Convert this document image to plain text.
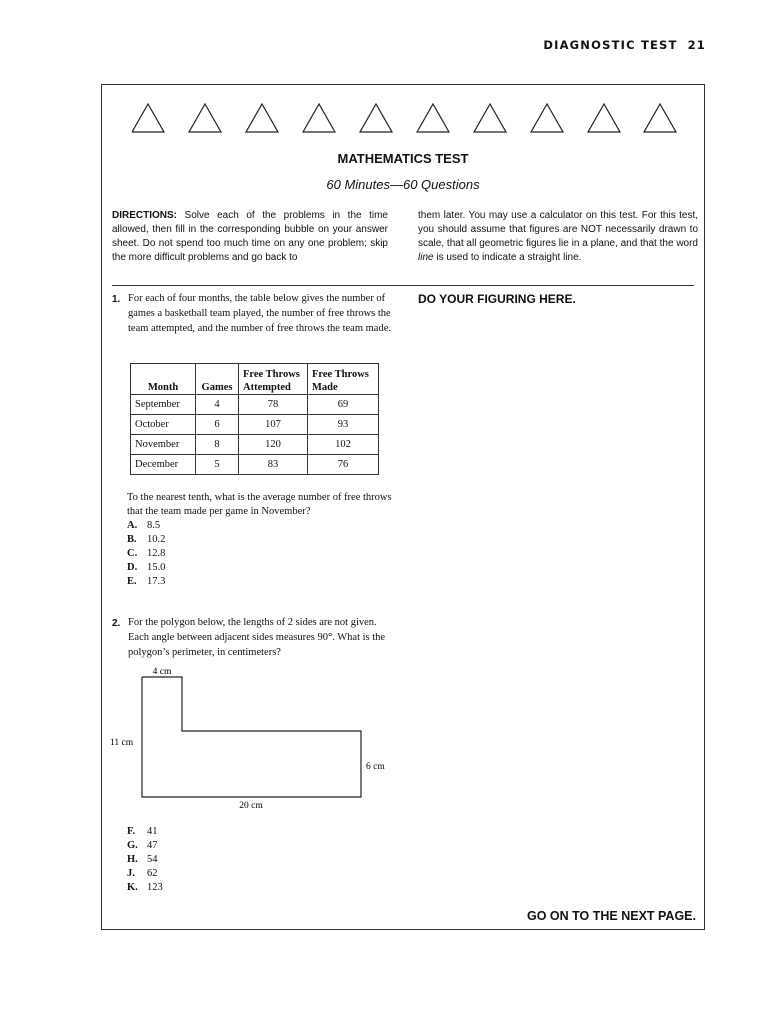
DIAGNOSTIC TEST 21
MATHEMATICS TEST
60 Minutes—60 Questions
DIRECTIONS: Solve each of the problems in the time allowed, then fill in the corresponding bubble on your answer sheet. Do not spend too much time on any one problem; skip the more difficult problems and go back to
them later. You may use a calculator on this test. For this test, you should assume that figures are NOT necessarily drawn to scale, that all geometric figures lie in a plane, and that the word line is used to indicate a straight line.
DO YOUR FIGURING HERE.
1. For each of four months, the table below gives the number of games a basketball team played, the number of free throws the team attempted, and the number of free throws the team made.
Month	Games	Free Throws Attempted	Free Throws Made
September	4	78	69
October	6	107	93
November	8	120	102
December	5	83	76
To the nearest tenth, what is the average number of free throws that the team made per game in November?
A. 8.5
B. 10.2
C. 12.8
D. 15.0
E. 17.3
2. For the polygon below, the lengths of 2 sides are not given. Each angle between adjacent sides measures 90°. What is the polygon’s perimeter, in centimeters?
4 cm
11 cm
6 cm
20 cm
F.	41
G. 47
H. 54
J.	62
K. 123
GO ON TO THE NEXT PAGE.
